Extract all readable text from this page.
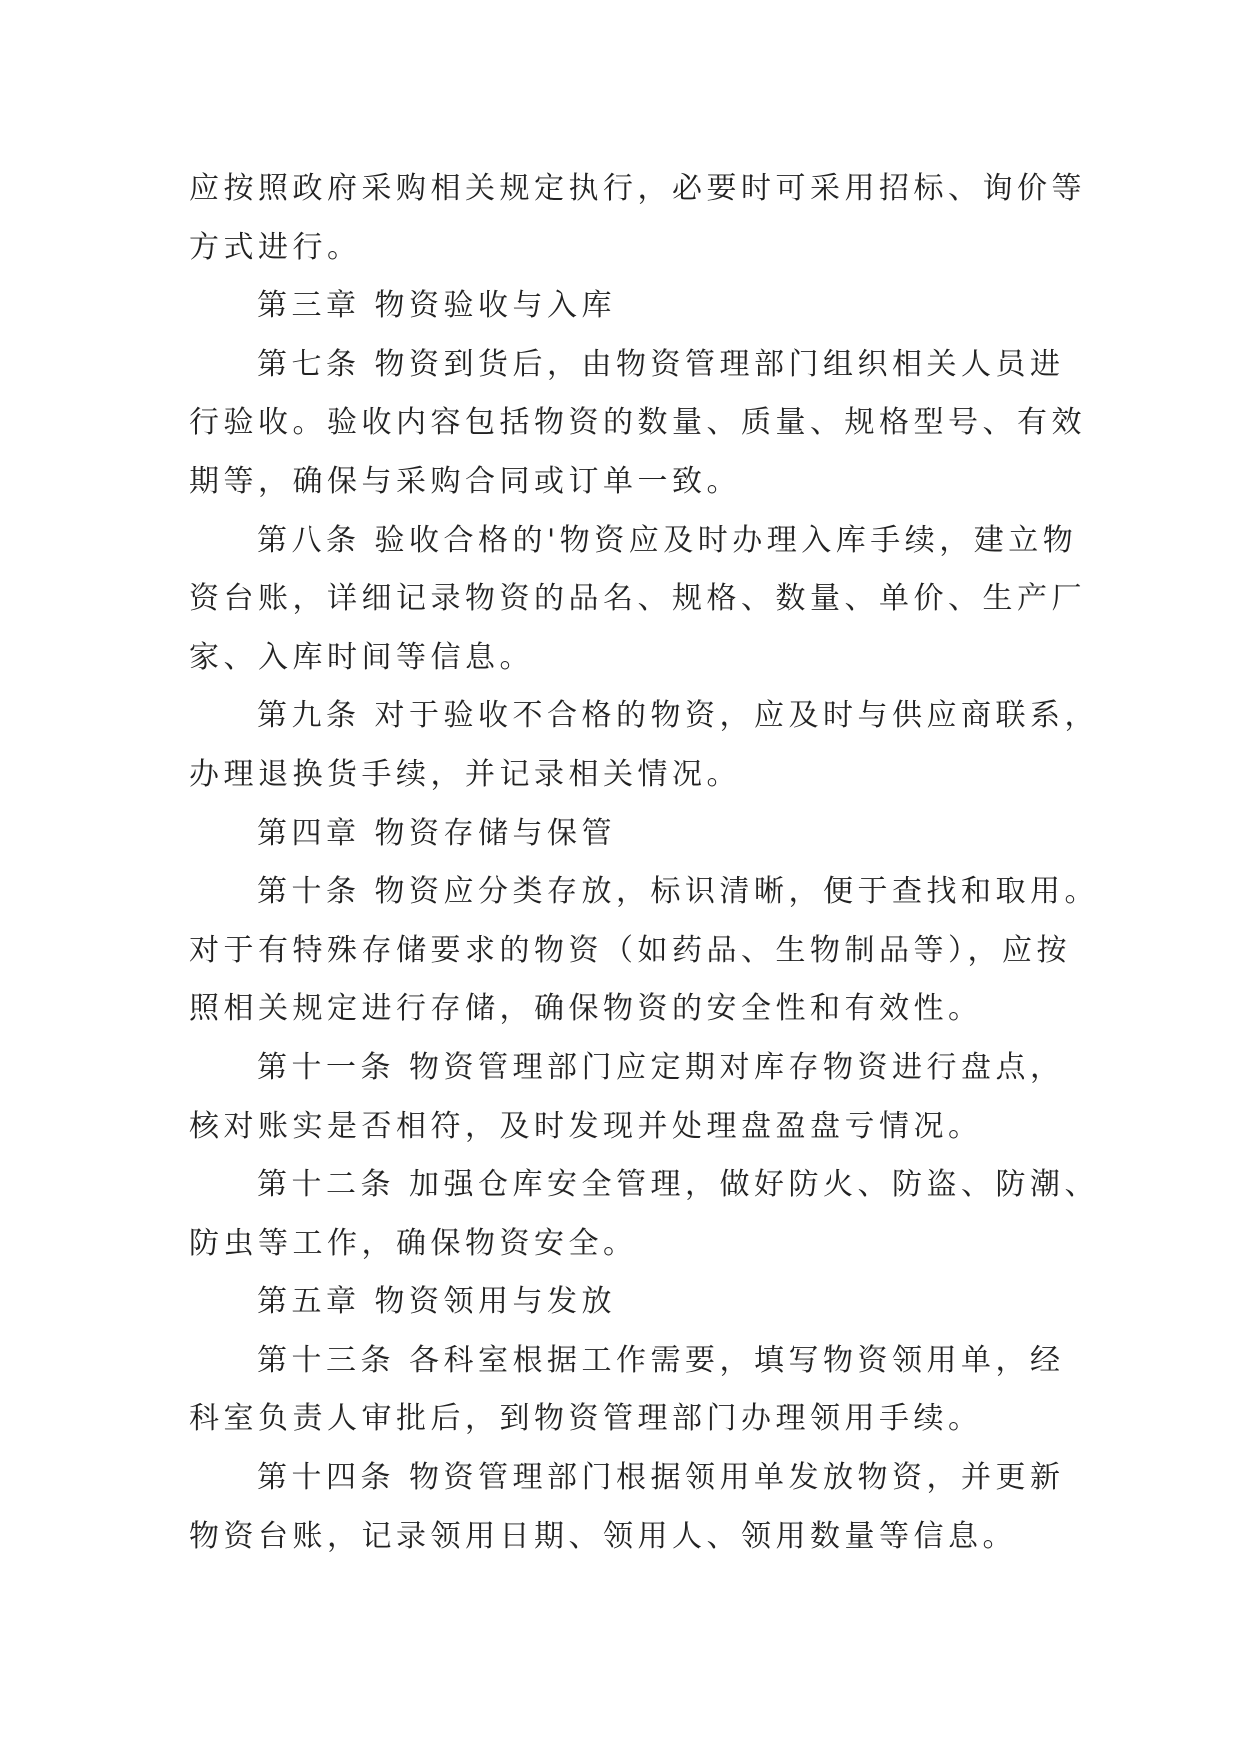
应按照政府采购相关规定执行，必要时可采用招标、询价等
方式进行。
第三章 物资验收与入库
第七条 物资到货后，由物资管理部门组织相关人员进
行验收。验收内容包括物资的数量、质量、规格型号、有效
期等，确保与采购合同或订单一致。
第八条 验收合格的'物资应及时办理入库手续，建立物
资台账，详细记录物资的品名、规格、数量、单价、生产厂
家、入库时间等信息。
第九条 对于验收不合格的物资，应及时与供应商联系，
办理退换货手续，并记录相关情况。
第四章 物资存储与保管
第十条 物资应分类存放，标识清晰，便于查找和取用。
对于有特殊存储要求的物资（如药品、生物制品等），应按
照相关规定进行存储，确保物资的安全性和有效性。
第十一条 物资管理部门应定期对库存物资进行盘点，
核对账实是否相符，及时发现并处理盘盈盘亏情况。
第十二条 加强仓库安全管理，做好防火、防盗、防潮、
防虫等工作，确保物资安全。
第五章 物资领用与发放
第十三条 各科室根据工作需要，填写物资领用单，经
科室负责人审批后，到物资管理部门办理领用手续。
第十四条 物资管理部门根据领用单发放物资，并更新
物资台账，记录领用日期、领用人、领用数量等信息。
